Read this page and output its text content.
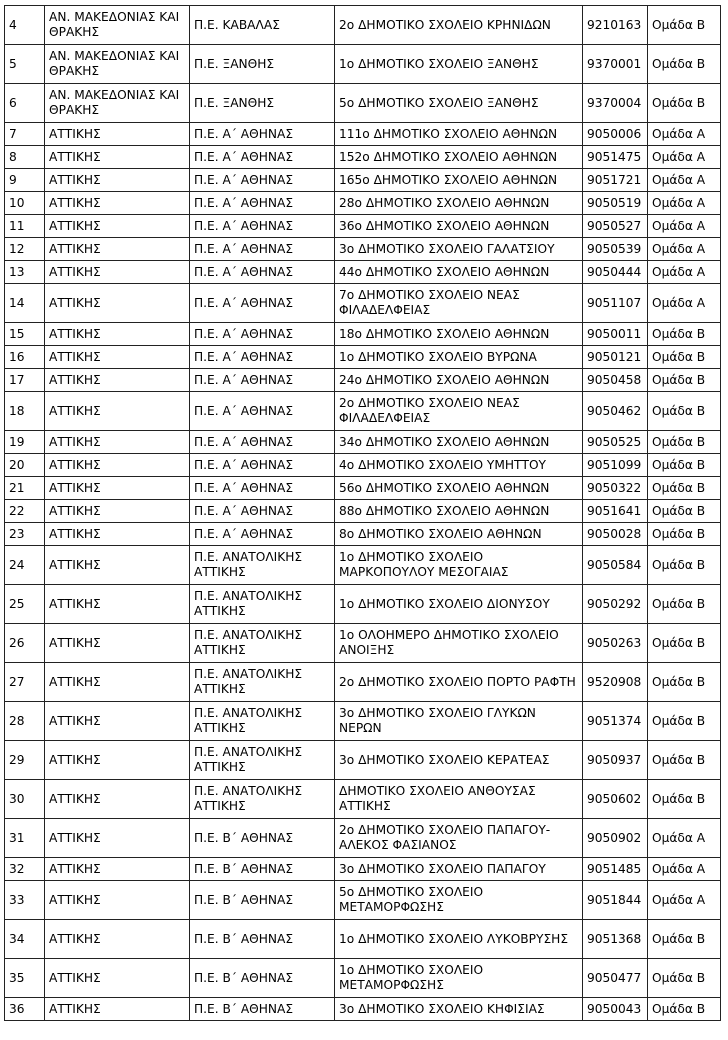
4	ΑΝ. ΜΑΚΕΔΟΝΙΑΣ ΚΑΙ ΘΡΑΚΗΣ	Π.Ε. ΚΑΒΑΛΑΣ	2ο ΔΗΜΟΤΙΚΟ ΣΧΟΛΕΙΟ ΚΡΗΝΙΔΩΝ	9210163	Ομάδα Β
5	ΑΝ. ΜΑΚΕΔΟΝΙΑΣ ΚΑΙ ΘΡΑΚΗΣ	Π.Ε. ΞΑΝΘΗΣ	1ο ΔΗΜΟΤΙΚΟ ΣΧΟΛΕΙΟ ΞΑΝΘΗΣ	9370001	Ομάδα Β
6	ΑΝ. ΜΑΚΕΔΟΝΙΑΣ ΚΑΙ ΘΡΑΚΗΣ	Π.Ε. ΞΑΝΘΗΣ	5ο ΔΗΜΟΤΙΚΟ ΣΧΟΛΕΙΟ ΞΑΝΘΗΣ	9370004	Ομάδα Β
7	ΑΤΤΙΚΗΣ	Π.Ε. Α΄ ΑΘΗΝΑΣ	111ο ΔΗΜΟΤΙΚΟ ΣΧΟΛΕΙΟ ΑΘΗΝΩΝ	9050006	Ομάδα Α
8	ΑΤΤΙΚΗΣ	Π.Ε. Α΄ ΑΘΗΝΑΣ	152ο ΔΗΜΟΤΙΚΟ ΣΧΟΛΕΙΟ ΑΘΗΝΩΝ	9051475	Ομάδα Α
9	ΑΤΤΙΚΗΣ	Π.Ε. Α΄ ΑΘΗΝΑΣ	165ο ΔΗΜΟΤΙΚΟ ΣΧΟΛΕΙΟ ΑΘΗΝΩΝ	9051721	Ομάδα Α
10	ΑΤΤΙΚΗΣ	Π.Ε. Α΄ ΑΘΗΝΑΣ	28ο ΔΗΜΟΤΙΚΟ ΣΧΟΛΕΙΟ ΑΘΗΝΩΝ	9050519	Ομάδα Α
11	ΑΤΤΙΚΗΣ	Π.Ε. Α΄ ΑΘΗΝΑΣ	36ο ΔΗΜΟΤΙΚΟ ΣΧΟΛΕΙΟ ΑΘΗΝΩΝ	9050527	Ομάδα Α
12	ΑΤΤΙΚΗΣ	Π.Ε. Α΄ ΑΘΗΝΑΣ	3ο ΔΗΜΟΤΙΚΟ ΣΧΟΛΕΙΟ ΓΑΛΑΤΣΙΟΥ	9050539	Ομάδα Α
13	ΑΤΤΙΚΗΣ	Π.Ε. Α΄ ΑΘΗΝΑΣ	44ο ΔΗΜΟΤΙΚΟ ΣΧΟΛΕΙΟ ΑΘΗΝΩΝ	9050444	Ομάδα Α
14	ΑΤΤΙΚΗΣ	Π.Ε. Α΄ ΑΘΗΝΑΣ	7ο ΔΗΜΟΤΙΚΟ ΣΧΟΛΕΙΟ ΝΕΑΣ ΦΙΛΑΔΕΛΦΕΙΑΣ	9051107	Ομάδα Α
15	ΑΤΤΙΚΗΣ	Π.Ε. Α΄ ΑΘΗΝΑΣ	18ο ΔΗΜΟΤΙΚΟ ΣΧΟΛΕΙΟ ΑΘΗΝΩΝ	9050011	Ομάδα Β
16	ΑΤΤΙΚΗΣ	Π.Ε. Α΄ ΑΘΗΝΑΣ	1ο ΔΗΜΟΤΙΚΟ ΣΧΟΛΕΙΟ ΒΥΡΩΝΑ	9050121	Ομάδα Β
17	ΑΤΤΙΚΗΣ	Π.Ε. Α΄ ΑΘΗΝΑΣ	24ο ΔΗΜΟΤΙΚΟ ΣΧΟΛΕΙΟ ΑΘΗΝΩΝ	9050458	Ομάδα Β
18	ΑΤΤΙΚΗΣ	Π.Ε. Α΄ ΑΘΗΝΑΣ	2ο ΔΗΜΟΤΙΚΟ ΣΧΟΛΕΙΟ ΝΕΑΣ ΦΙΛΑΔΕΛΦΕΙΑΣ	9050462	Ομάδα Β
19	ΑΤΤΙΚΗΣ	Π.Ε. Α΄ ΑΘΗΝΑΣ	34ο ΔΗΜΟΤΙΚΟ ΣΧΟΛΕΙΟ ΑΘΗΝΩΝ	9050525	Ομάδα Β
20	ΑΤΤΙΚΗΣ	Π.Ε. Α΄ ΑΘΗΝΑΣ	4ο ΔΗΜΟΤΙΚΟ ΣΧΟΛΕΙΟ ΥΜΗΤΤΟΥ	9051099	Ομάδα Β
21	ΑΤΤΙΚΗΣ	Π.Ε. Α΄ ΑΘΗΝΑΣ	56ο ΔΗΜΟΤΙΚΟ ΣΧΟΛΕΙΟ ΑΘΗΝΩΝ	9050322	Ομάδα Β
22	ΑΤΤΙΚΗΣ	Π.Ε. Α΄ ΑΘΗΝΑΣ	88ο ΔΗΜΟΤΙΚΟ ΣΧΟΛΕΙΟ ΑΘΗΝΩΝ	9051641	Ομάδα Β
23	ΑΤΤΙΚΗΣ	Π.Ε. Α΄ ΑΘΗΝΑΣ	8ο ΔΗΜΟΤΙΚΟ ΣΧΟΛΕΙΟ ΑΘΗΝΩΝ	9050028	Ομάδα Β
24	ΑΤΤΙΚΗΣ	Π.Ε. ΑΝΑΤΟΛΙΚΗΣ ΑΤΤΙΚΗΣ	1ο ΔΗΜΟΤΙΚΟ ΣΧΟΛΕΙΟ ΜΑΡΚΟΠΟΥΛΟΥ ΜΕΣΟΓΑΙΑΣ	9050584	Ομάδα Β
25	ΑΤΤΙΚΗΣ	Π.Ε. ΑΝΑΤΟΛΙΚΗΣ ΑΤΤΙΚΗΣ	1ο ΔΗΜΟΤΙΚΟ ΣΧΟΛΕΙΟ ΔΙΟΝΥΣΟΥ	9050292	Ομάδα Β
26	ΑΤΤΙΚΗΣ	Π.Ε. ΑΝΑΤΟΛΙΚΗΣ ΑΤΤΙΚΗΣ	1ο ΟΛΟΗΜΕΡΟ ΔΗΜΟΤΙΚΟ ΣΧΟΛΕΙΟ ΑΝΟΙΞΗΣ	9050263	Ομάδα Β
27	ΑΤΤΙΚΗΣ	Π.Ε. ΑΝΑΤΟΛΙΚΗΣ ΑΤΤΙΚΗΣ	2ο ΔΗΜΟΤΙΚΟ ΣΧΟΛΕΙΟ ΠΟΡΤΟ ΡΑΦΤΗ	9520908	Ομάδα Β
28	ΑΤΤΙΚΗΣ	Π.Ε. ΑΝΑΤΟΛΙΚΗΣ ΑΤΤΙΚΗΣ	3ο ΔΗΜΟΤΙΚΟ ΣΧΟΛΕΙΟ ΓΛΥΚΩΝ ΝΕΡΩΝ	9051374	Ομάδα Β
29	ΑΤΤΙΚΗΣ	Π.Ε. ΑΝΑΤΟΛΙΚΗΣ ΑΤΤΙΚΗΣ	3ο ΔΗΜΟΤΙΚΟ ΣΧΟΛΕΙΟ ΚΕΡΑΤΕΑΣ	9050937	Ομάδα Β
30	ΑΤΤΙΚΗΣ	Π.Ε. ΑΝΑΤΟΛΙΚΗΣ ΑΤΤΙΚΗΣ	ΔΗΜΟΤΙΚΟ ΣΧΟΛΕΙΟ ΑΝΘΟΥΣΑΣ ΑΤΤΙΚΗΣ	9050602	Ομάδα Β
31	ΑΤΤΙΚΗΣ	Π.Ε. Β΄ ΑΘΗΝΑΣ	2ο ΔΗΜΟΤΙΚΟ ΣΧΟΛΕΙΟ ΠΑΠΑΓΟΥ-ΑΛΕΚΟΣ ΦΑΣΙΑΝΟΣ	9050902	Ομάδα Α
32	ΑΤΤΙΚΗΣ	Π.Ε. Β΄ ΑΘΗΝΑΣ	3ο ΔΗΜΟΤΙΚΟ ΣΧΟΛΕΙΟ ΠΑΠΑΓΟΥ	9051485	Ομάδα Α
33	ΑΤΤΙΚΗΣ	Π.Ε. Β΄ ΑΘΗΝΑΣ	5ο ΔΗΜΟΤΙΚΟ ΣΧΟΛΕΙΟ ΜΕΤΑΜΟΡΦΩΣΗΣ	9051844	Ομάδα Α
34	ΑΤΤΙΚΗΣ	Π.Ε. Β΄ ΑΘΗΝΑΣ	1ο ΔΗΜΟΤΙΚΟ ΣΧΟΛΕΙΟ ΛΥΚΟΒΡΥΣΗΣ	9051368	Ομάδα Β
35	ΑΤΤΙΚΗΣ	Π.Ε. Β΄ ΑΘΗΝΑΣ	1ο ΔΗΜΟΤΙΚΟ ΣΧΟΛΕΙΟ ΜΕΤΑΜΟΡΦΩΣΗΣ	9050477	Ομάδα Β
36	ΑΤΤΙΚΗΣ	Π.Ε. Β΄ ΑΘΗΝΑΣ	3ο ΔΗΜΟΤΙΚΟ ΣΧΟΛΕΙΟ ΚΗΦΙΣΙΑΣ	9050043	Ομάδα Β
